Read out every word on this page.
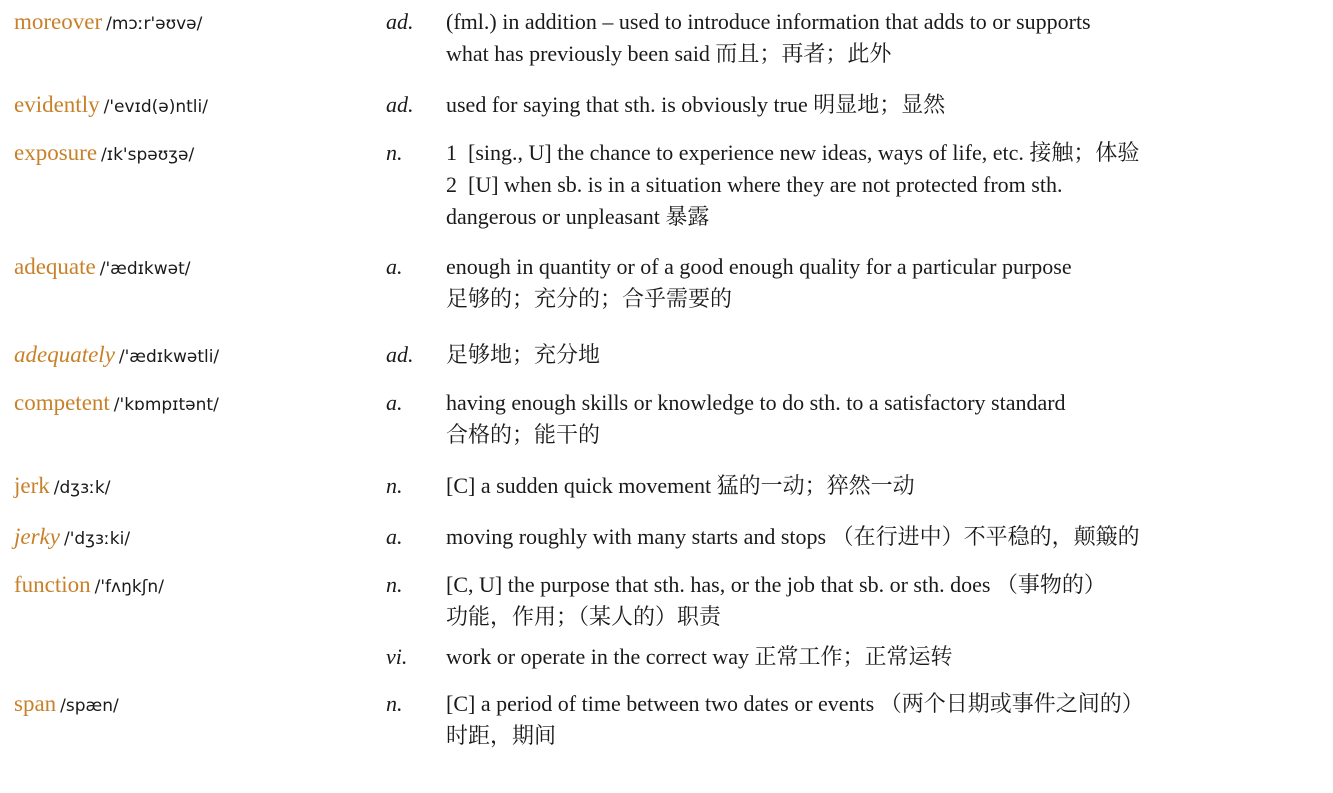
moreover /mɔːr'əʊvə/	ad. (fml.) in addition – used to introduce information that adds to or supports
what has previously been said 而且；再者；此外
evidently /'evɪd(ə)ntli/	ad. used for saying that sth. is obviously true 明显地；显然
exposure /ɪk'spəʊʒə/	n. 1 [sing., U] the chance to experience new ideas, ways of life, etc. 接触；体验
2 [U] when sb. is in a situation where they are not protected from sth.
dangerous or unpleasant 暴露
adequate /'ædɪkwət/	a. enough in quantity or of a good enough quality for a particular purpose
足够的；充分的；合乎需要的
adequately /'ædɪkwətli/	ad. 足够地；充分地
competent /'kɒmpɪtənt/	a. having enough skills or knowledge to do sth. to a satisfactory standard
合格的；能干的
jerk /dʒɜːk/	n. [C] a sudden quick movement 猛的一动；猝然一动
jerky /'dʒɜːki/	a. moving roughly with many starts and stops （在行进中）不平稳的，颠簸的
function /'fʌŋkʃn/	n. [C, U] the purpose that sth. has, or the job that sb. or sth. does （事物的）
功能，作用；（某人的）职责
vi. work or operate in the correct way 正常工作；正常运转
span /spæn/	n. [C] a period of time between two dates or events （两个日期或事件之间的）
时距，期间
